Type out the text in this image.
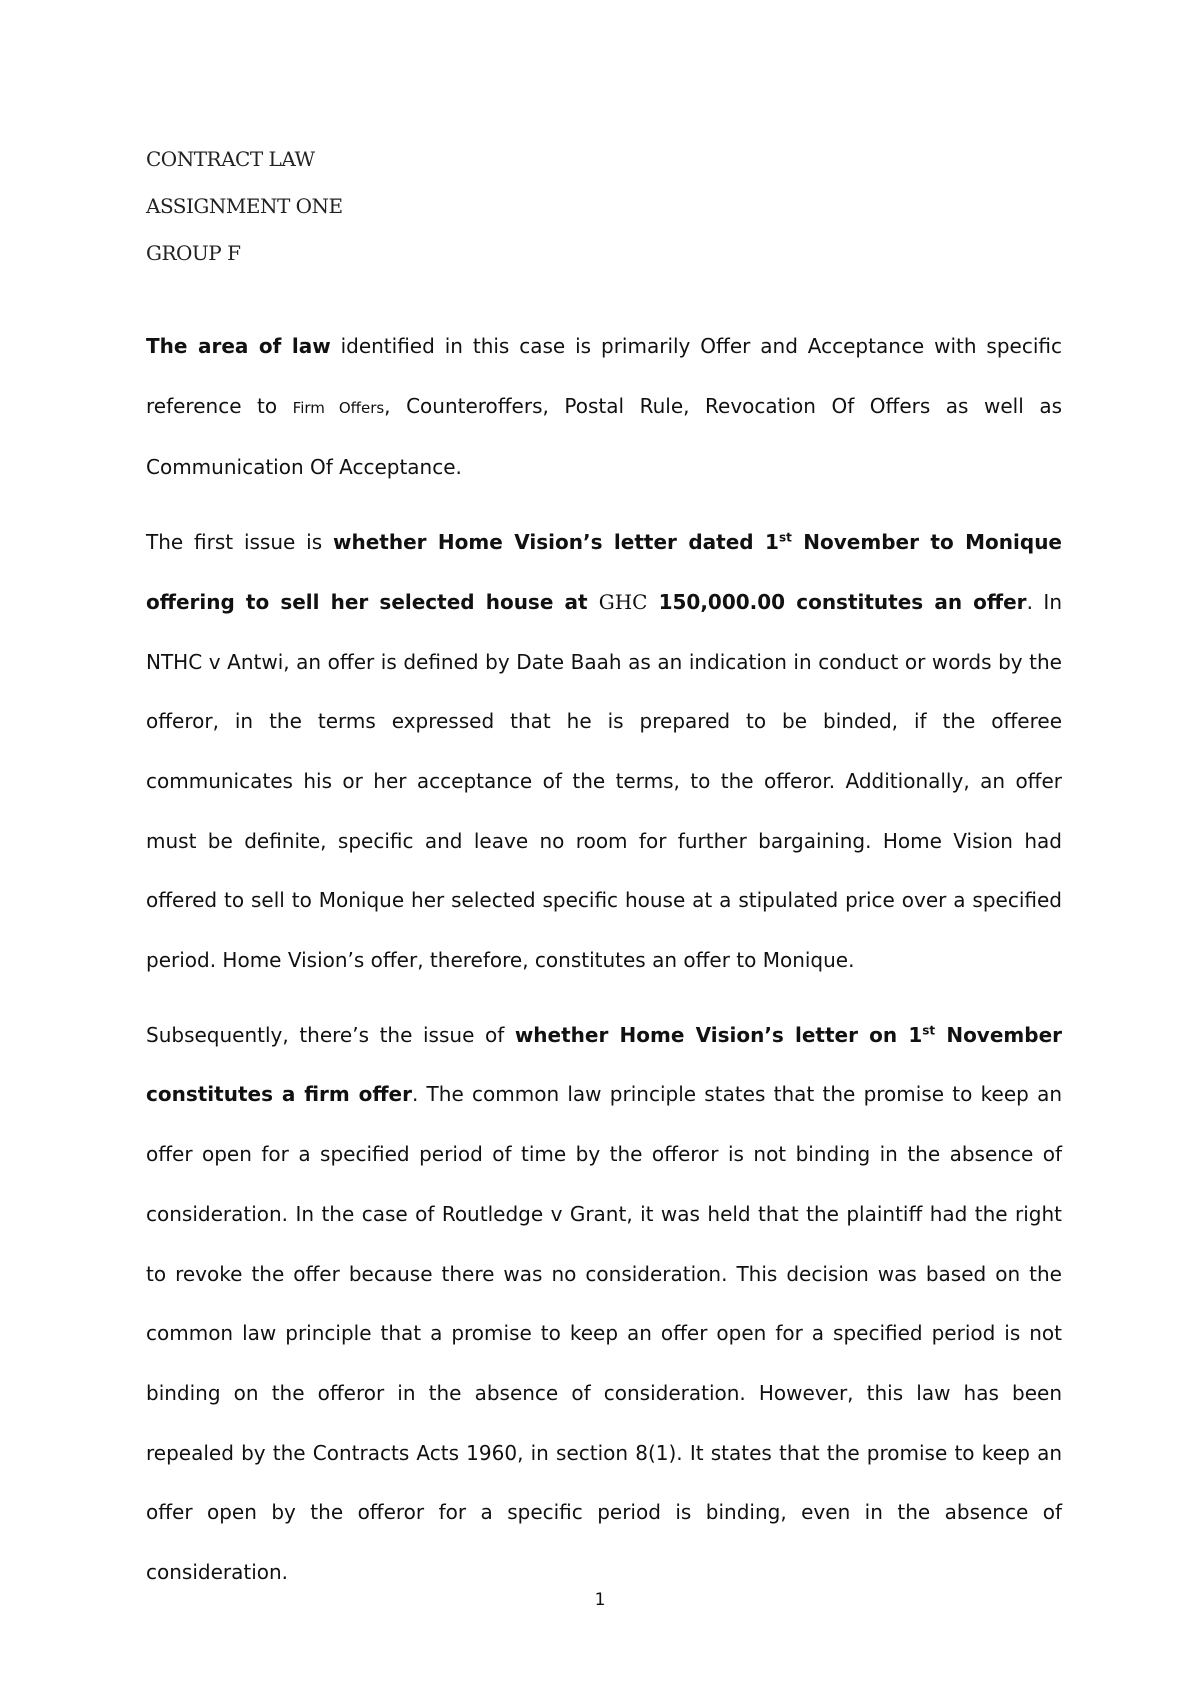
CONTRACT LAW
ASSIGNMENT ONE
GROUP F

The area of law identified in this case is primarily Offer and Acceptance with specific reference to Firm Offers, Counteroffers, Postal Rule, Revocation Of Offers as well as Communication Of Acceptance.

The first issue is whether Home Vision’s letter dated 1st November to Monique offering to sell her selected house at GHC 150,000.00 constitutes an offer. In NTHC v Antwi, an offer is defined by Date Baah as an indication in conduct or words by the offeror, in the terms expressed that he is prepared to be binded, if the offeree communicates his or her acceptance of the terms, to the offeror. Additionally, an offer must be definite, specific and leave no room for further bargaining. Home Vision had offered to sell to Monique her selected specific house at a stipulated price over a specified period. Home Vision’s offer, therefore, constitutes an offer to Monique.

Subsequently, there’s the issue of whether Home Vision’s letter on 1st November constitutes a firm offer. The common law principle states that the promise to keep an offer open for a specified period of time by the offeror is not binding in the absence of consideration. In the case of Routledge v Grant, it was held that the plaintiff had the right to revoke the offer because there was no consideration. This decision was based on the common law principle that a promise to keep an offer open for a specified period is not binding on the offeror in the absence of consideration. However, this law has been repealed by the Contracts Acts 1960, in section 8(1). It states that the promise to keep an offer open by the offeror for a specific period is binding, even in the absence of consideration.

1
